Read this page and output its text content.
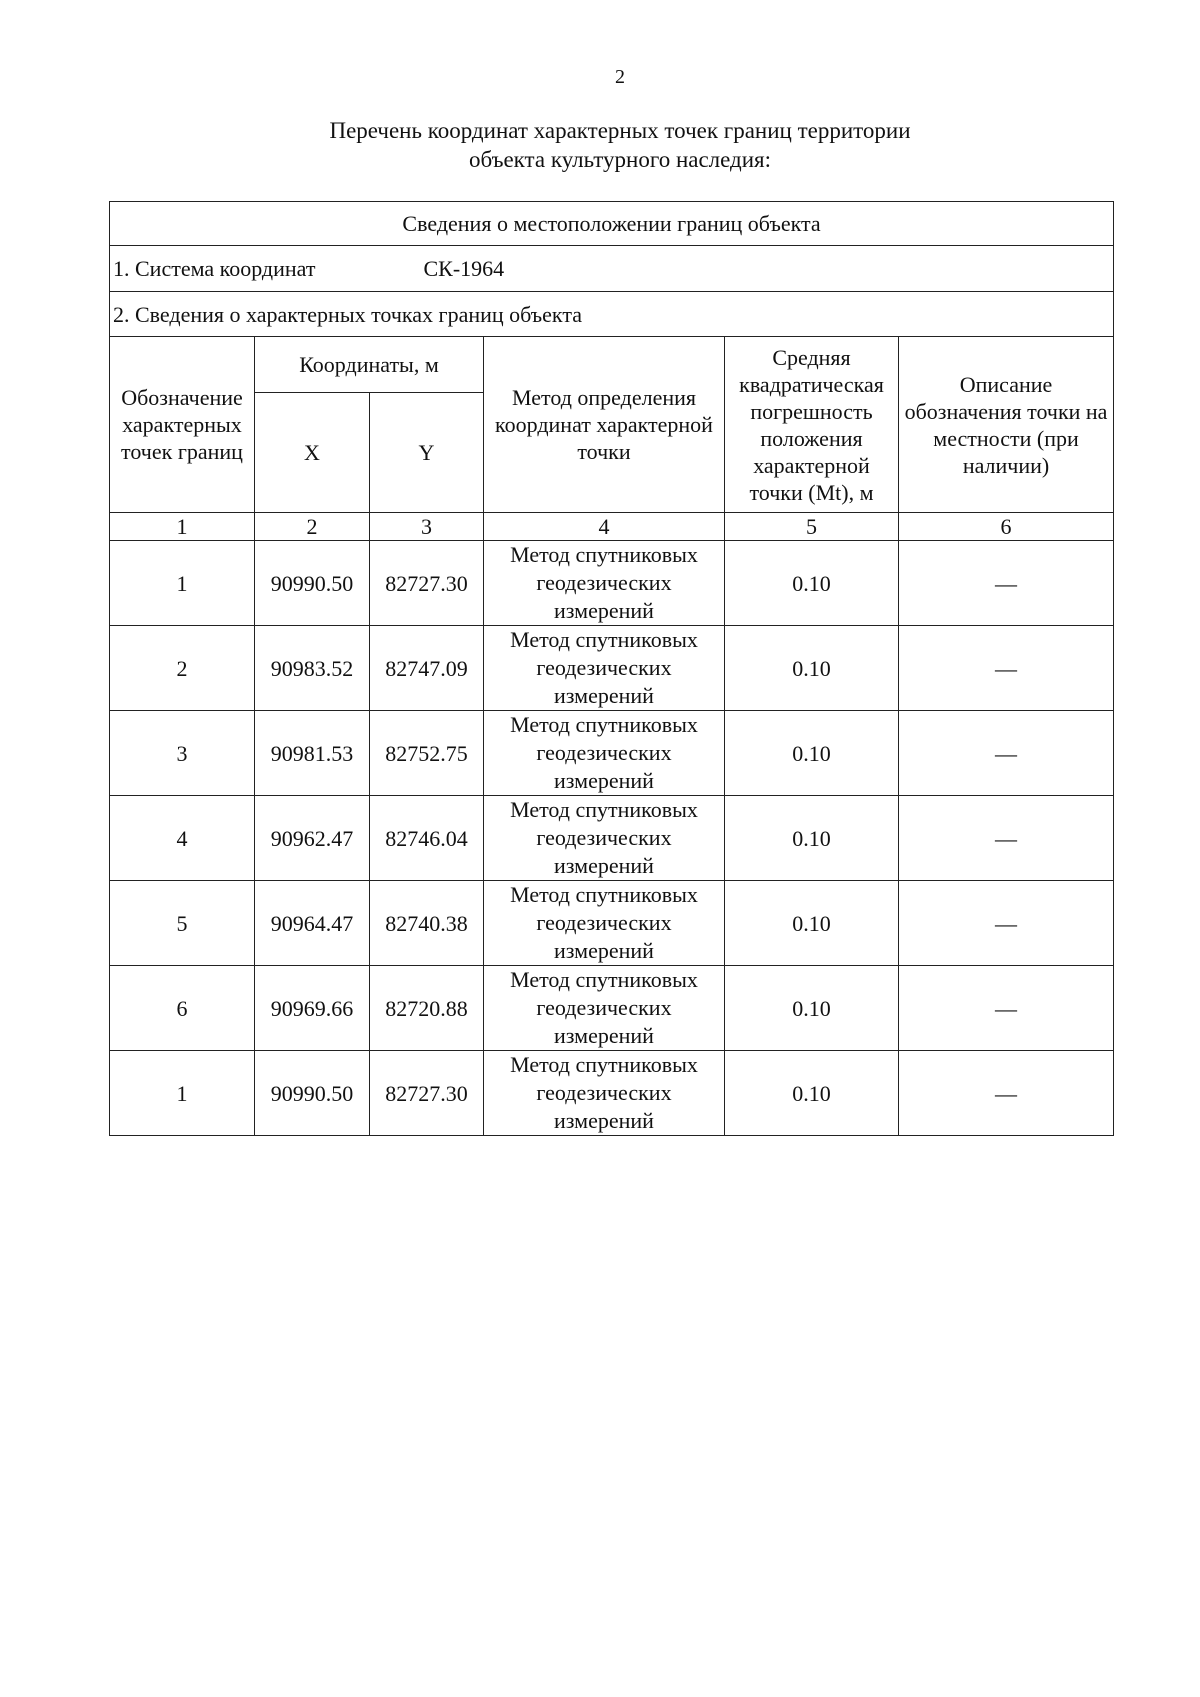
2
Перечень координат характерных точек границ территории
объекта культурного наследия:
Сведения о местоположении границ объекта					
1. Система координат СК-1964					
2. Сведения о характерных точках границ объекта					
Обозначение характерных точек границ	Координаты, м		Метод определения координат характерной точки	Средняя квадратическая погрешность положения характерной точки (Mt), м	Описание обозначения точки на местности (при наличии)
	X	Y			
1	2	3	4	5	6
1	90990.50	82727.30	Метод спутниковых геодезических измерений	0.10	—
2	90983.52	82747.09	Метод спутниковых геодезических измерений	0.10	—
3	90981.53	82752.75	Метод спутниковых геодезических измерений	0.10	—
4	90962.47	82746.04	Метод спутниковых геодезических измерений	0.10	—
5	90964.47	82740.38	Метод спутниковых геодезических измерений	0.10	—
6	90969.66	82720.88	Метод спутниковых геодезических измерений	0.10	—
1	90990.50	82727.30	Метод спутниковых геодезических измерений	0.10	—
